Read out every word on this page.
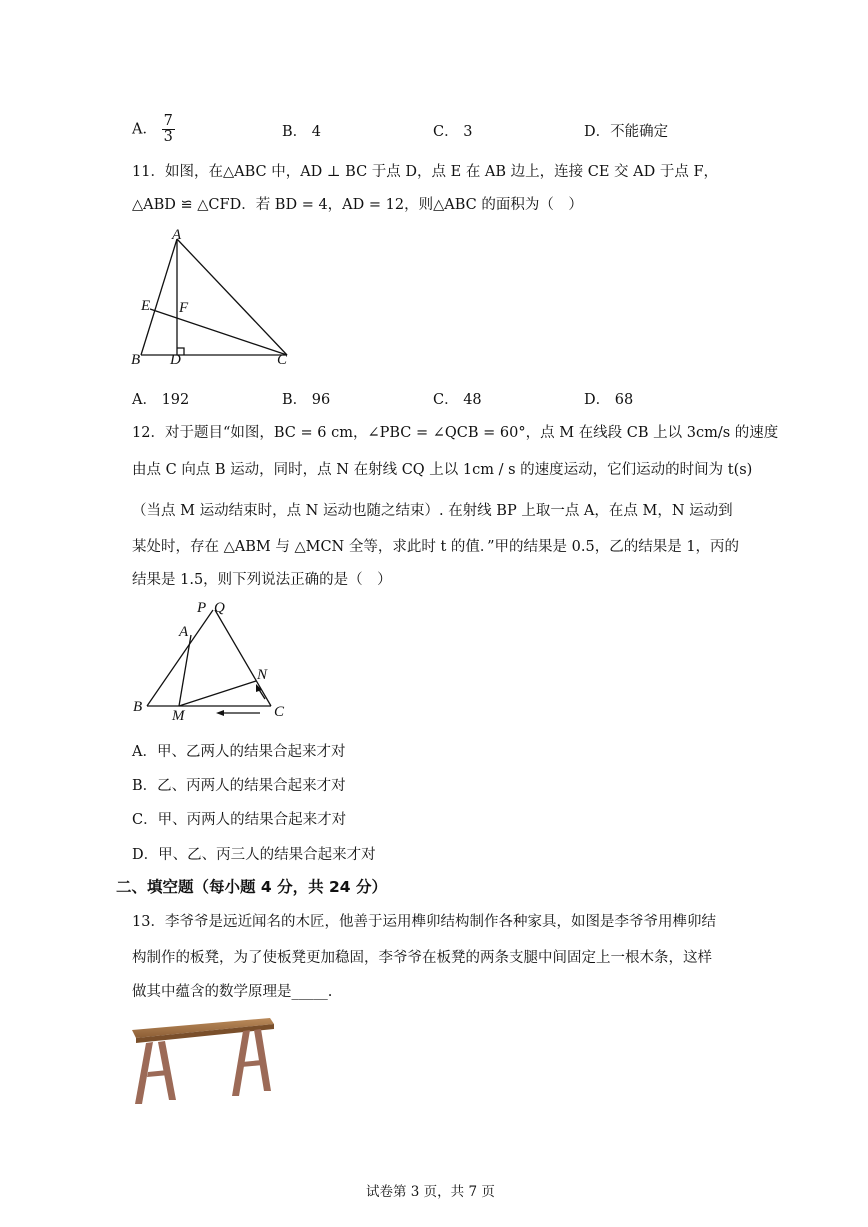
A． $\frac{7}{3}$	B． 4	C． 3	D．不能确定
11．如图，在△ABC 中，AD ⊥ BC 于点 D，点 E 在 AB 边上，连接 CE 交 AD 于点 F，
△ABD ≌ △CFD．若 BD = 4，AD = 12，则△ABC 的面积为（　）
A
E F
B D	C
A． 192	B． 96	C． 48	D． 68
12．对于题目“如图，BC = 6 cm，∠PBC = ∠QCB = 60°，点 M 在线段 CB 上以 3cm/s 的速度
由点 C 向点 B 运动，同时，点 N 在射线 CQ 上以 1cm / s 的速度运动，它们运动的时间为 t(s)
（当点 M 运动结束时，点 N 运动也随之结束）. 在射线 BP 上取一点 A，在点 M，N 运动到
某处时，存在 △ABM 与 △MCN 全等，求此时 t 的值．”甲的结果是 0.5，乙的结果是 1，丙的
结果是 1.5，则下列说法正确的是（　）
P Q
A
N
B
M	C
A．甲、乙两人的结果合起来才对
B．乙、丙两人的结果合起来才对
C．甲、丙两人的结果合起来才对
D．甲、乙、丙三人的结果合起来才对
二、填空题（每小题 4 分，共 24 分）
13．李爷爷是远近闻名的木匠，他善于运用榫卯结构制作各种家具，如图是李爷爷用榫卯结
构制作的板凳，为了使板凳更加稳固，李爷爷在板凳的两条支腿中间固定上一根木条，这样
做其中蕴含的数学原理是_____.
试卷第 3 页，共 7 页
